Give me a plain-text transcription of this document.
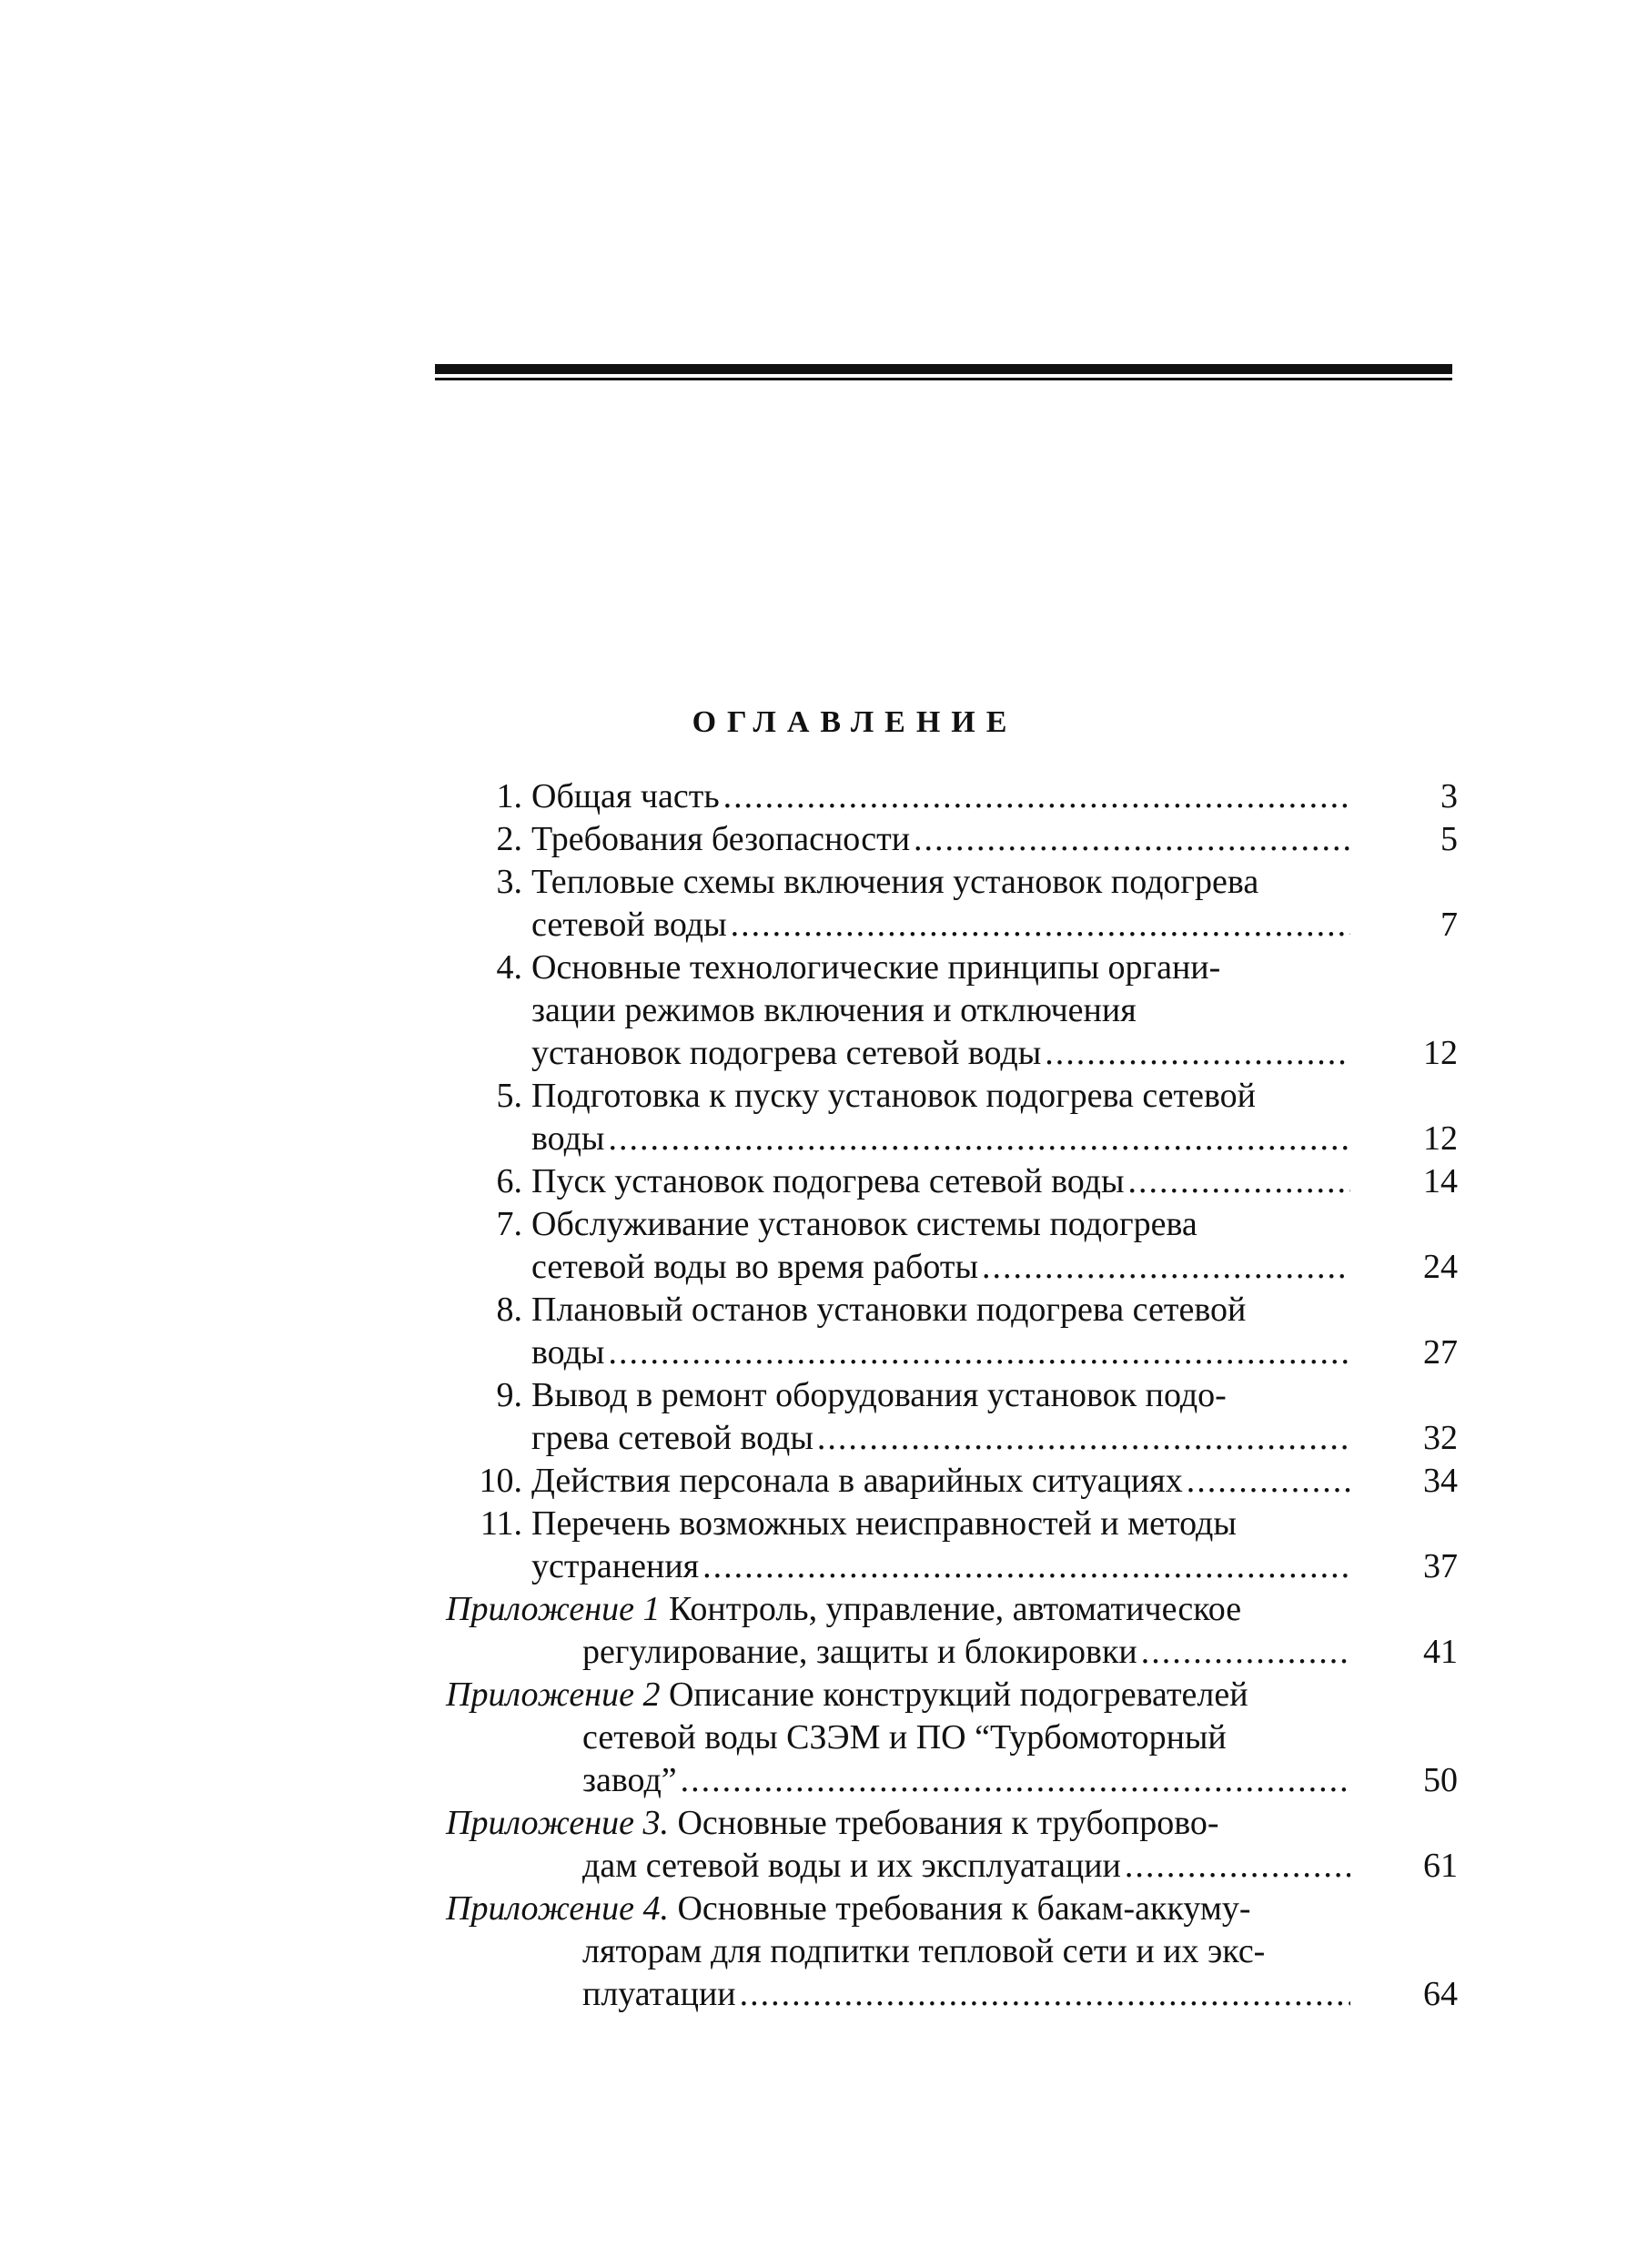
ОГЛАВЛЕНИЕ
1. Общая часть .....	3
2. Требования безопасности .....	5
3. Тепловые схемы включения установок подогрева
сетевой воды .....	7
4. Основные технологические принципы органи-
зации режимов включения и отключения
установок подогрева сетевой воды .....	12
5. Подготовка к пуску установок подогрева сетевой
воды .....	12
6. Пуск установок подогрева сетевой воды .....	14
7. Обслуживание установок системы подогрева
сетевой воды во время работы .....	24
8. Плановый останов установки подогрева сетевой
воды .....	27
9. Вывод в ремонт оборудования установок подо-
грева сетевой воды .....	32
10. Действия персонала в аварийных ситуациях .....	34
11. Перечень возможных неисправностей и методы
устранения .....	37
Приложение 1 Контроль, управление, автоматическое
регулирование, защиты и блокировки .....	41
Приложение 2 Описание конструкций подогревателей
сетевой воды СЗЭМ и ПО “Турбомоторный
завод” .....	50
Приложение 3. Основные требования к трубопрово-
дам сетевой воды и их эксплуатации .....	61
Приложение 4. Основные требования к бакам-аккуму-
ляторам для подпитки тепловой сети и их экс-
плуатации .....	64
